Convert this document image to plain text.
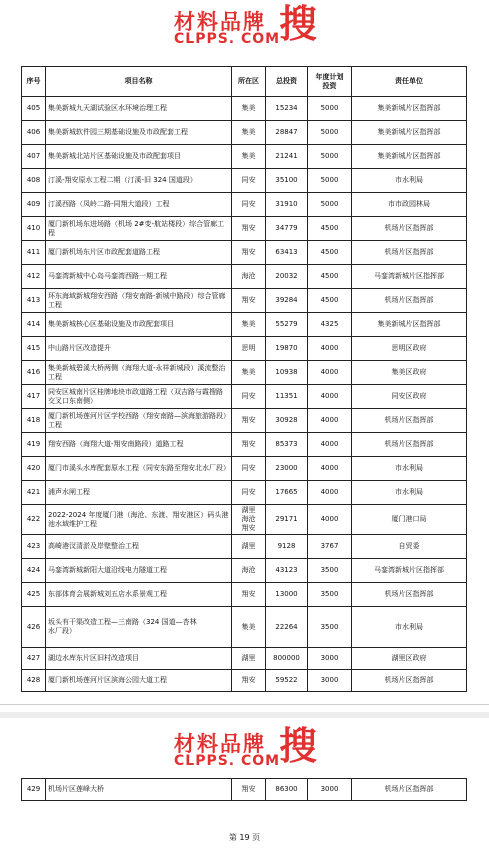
材料品牌
CLPPS. COM
搜
序号	项目名称	所在区	总投资	年度计划
投资	责任单位
405	集美新城九天湖试验区水环境治理工程	集美	15234	5000	集美新城片区指挥部
406	集美新城软件园三期基础设施及市政配套工程	集美	28847	5000	集美新城片区指挥部
407	集美新城北站片区基础设施及市政配套项目	集美	21241	5000	集美新城片区指挥部
408	汀溪-翔安原水工程二期（汀溪-旧 324 国道段）	同安	35100	5000	市水利局
409	汀溪西路（凤岭二路-同翔大道段）工程	同安	31910	5000	市市政园林局
410	厦门新机场东进场路（机场 2#变-航站楼段）综合管廊工程	翔安	34779	4500	机场片区指挥部
411	厦门新机场东片区市政配套道路工程	翔安	63413	4500	机场片区指挥部
412	马銮湾新城中心岛马銮湾西路一期工程	海沧	20032	4500	马銮湾新城片区指挥部
413	环东海域新城翔安西路（翔安南路-新城中路段）综合管廊工程	翔安	39284	4500	机场片区指挥部
414	集美新城核心区基础设施及市政配套项目	集美	55279	4325	集美新城片区指挥部
415	中山路片区改造提升	思明	19870	4000	思明区政府
416	集美新城碧溪大桥两侧（海翔大道-永祥新城段）溪流整治工程	集美	10938	4000	集美区政府
417	同安区城南片区桂牌地块市政道路工程（双吉路与霞搜路交叉口东南侧）	同安	11351	4000	同安区政府
418	厦门新机场莲河片区学校西路（翔安南路—滨海旅游路段）工程	翔安	30928	4000	机场片区指挥部
419	翔安西路（海翔大道-翔安南路段）道路工程	翔安	85373	4000	机场片区指挥部
420	厦门市溪头水库配套原水工程（同安东路至翔安北水厂段）	同安	23000	4000	市水利局
421	浦声水闸工程	同安	17665	4000	市水利局
422	2022-2024 年度厦门港（海沧、东渡、翔安港区）码头港池水域维护工程	湖里
海沧
翔安	29171	4000	厦门港口局
423	高崎港汊清淤及岸壁整治工程	湖里	9128	3767	自贸委
424	马銮湾新城新阳大道沿线电力隧道工程	海沧	43123	3500	马銮湾新城片区指挥部
425	东部体育会展新城刘五店水系景观工程	翔安	13000	3500	机场片区指挥部
426	坂头有干渠改造工程—三南路（324 国道—杏林
水厂段）	集美	22264	3500	市水利局
427	湖边水库东片区旧村改造项目	湖里	800000	3000	湖里区政府
428	厦门新机场莲河片区滨海公园大道工程	翔安	59522	3000	机场片区指挥部
材料品牌
CLPPS. COM
搜
429	机场片区莲峰大桥	翔安	86300	3000	机场片区指挥部
第 19 页
